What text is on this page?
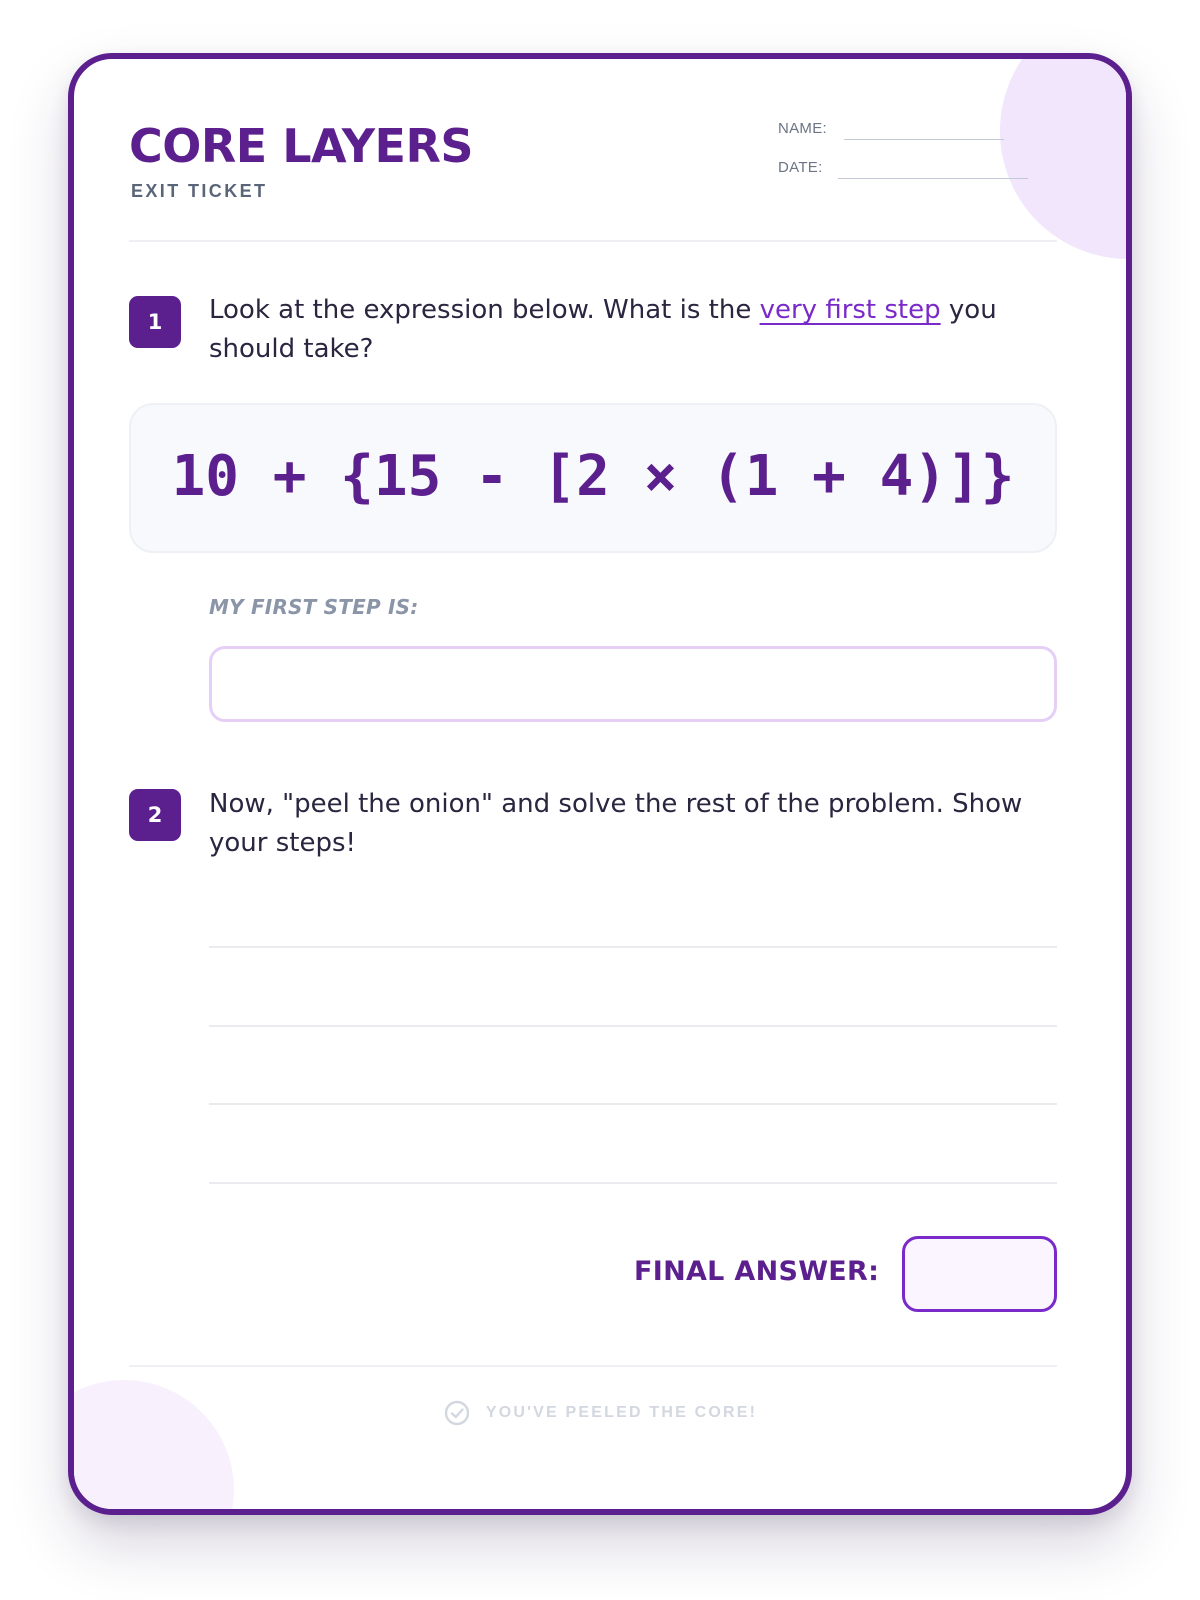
CORE LAYERS
EXIT TICKET
NAME:
DATE:
1	Look at the expression below. What is the very first step you should take?

10 + {15 - [2 × (1 + 4)]}
MY FIRST STEP IS:
2	Now, "peel the onion" and solve the rest of the problem. Show your steps!

FINAL ANSWER:
YOU'VE PEELED THE CORE!
